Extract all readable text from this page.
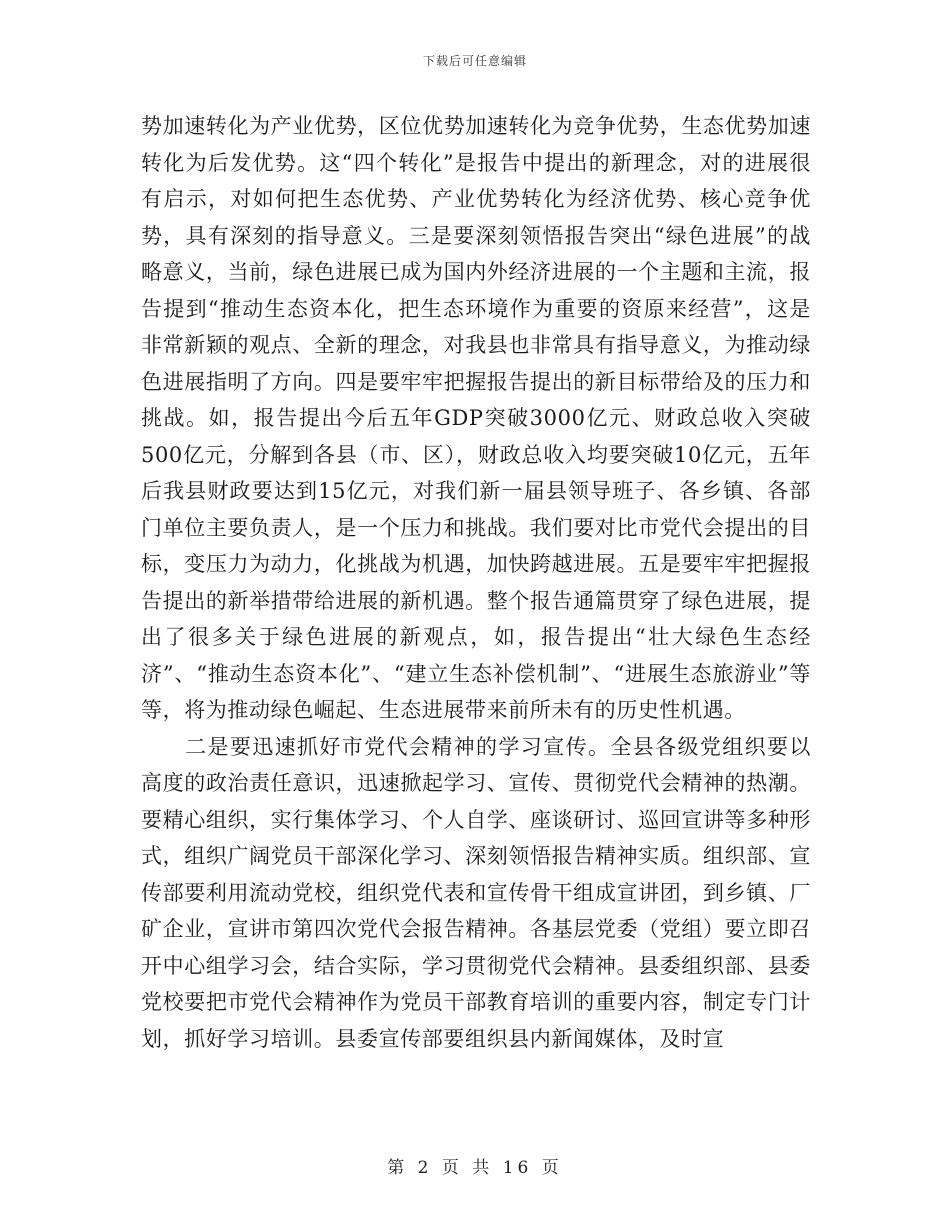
下载后可任意编辑

势加速转化为产业优势，区位优势加速转化为竞争优势，生态优势加速转化为后发优势。这“四个转化”是报告中提出的新理念，对的进展很有启示，对如何把生态优势、产业优势转化为经济优势、核心竞争优势，具有深刻的指导意义。三是要深刻领悟报告突出“绿色进展”的战略意义，当前，绿色进展已成为国内外经济进展的一个主题和主流，报告提到“推动生态资本化，把生态环境作为重要的资原来经营”，这是非常新颖的观点、全新的理念，对我县也非常具有指导意义，为推动绿色进展指明了方向。四是要牢牢把握报告提出的新目标带给及的压力和挑战。如，报告提出今后五年GDP突破3000亿元、财政总收入突破500亿元，分解到各县（市、区），财政总收入均要突破10亿元，五年后我县财政要达到15亿元，对我们新一届县领导班子、各乡镇、各部门单位主要负责人，是一个压力和挑战。我们要对比市党代会提出的目标，变压力为动力，化挑战为机遇，加快跨越进展。五是要牢牢把握报告提出的新举措带给进展的新机遇。整个报告通篇贯穿了绿色进展，提出了很多关于绿色进展的新观点，如，报告提出“壮大绿色生态经济”、“推动生态资本化”、“建立生态补偿机制”、“进展生态旅游业”等等，将为推动绿色崛起、生态进展带来前所未有的历史性机遇。

二是要迅速抓好市党代会精神的学习宣传。全县各级党组织要以高度的政治责任意识，迅速掀起学习、宣传、贯彻党代会精神的热潮。要精心组织，实行集体学习、个人自学、座谈研讨、巡回宣讲等多种形式，组织广阔党员干部深化学习、深刻领悟报告精神实质。组织部、宣传部要利用流动党校，组织党代表和宣传骨干组成宣讲团，到乡镇、厂矿企业，宣讲市第四次党代会报告精神。各基层党委（党组）要立即召开中心组学习会，结合实际，学习贯彻党代会精神。县委组织部、县委党校要把市党代会精神作为党员干部教育培训的重要内容，制定专门计划，抓好学习培训。县委宣传部要组织县内新闻媒体，及时宣

第 2 页 共 16 页
